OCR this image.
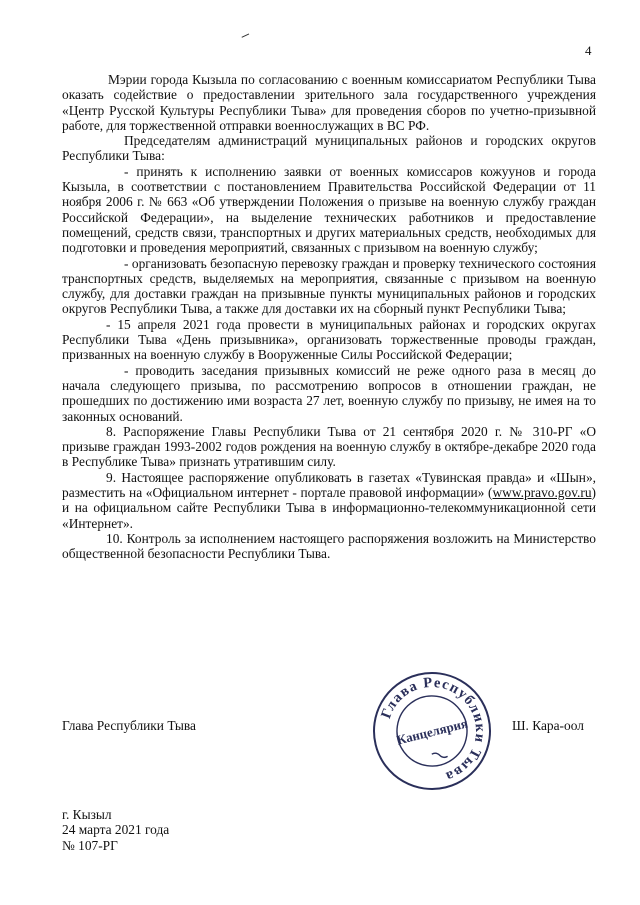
4

Мэрии города Кызыла по согласованию с военным комиссариатом Республики Тыва оказать содействие о предоставлении зрительного зала государственного учреждения «Центр Русской Культуры Республики Тыва» для проведения сборов по учетно-призывной работе, для торжественной отправки военнослужащих в ВС РФ.

Председателям администраций муниципальных районов и городских округов Республики Тыва:

- принять к исполнению заявки от военных комиссаров кожуунов и города Кызыла, в соответствии с постановлением Правительства Российской Федерации от 11 ноября 2006 г. № 663 «Об утверждении Положения о призыве на военную службу граждан Российской Федерации», на выделение технических работников и предоставление помещений, средств связи, транспортных и других материальных средств, необходимых для подготовки и проведения мероприятий, связанных с призывом на военную службу;

- организовать безопасную перевозку граждан и проверку технического состояния транспортных средств, выделяемых на мероприятия, связанные с призывом на военную службу, для доставки граждан на призывные пункты муниципальных районов и городских округов Республики Тыва, а также для доставки их на сборный пункт Республики Тыва;

- 15 апреля 2021 года провести в муниципальных районах и городских округах Республики Тыва «День призывника», организовать торжественные проводы граждан, призванных на военную службу в Вооруженные Силы Российской Федерации;

- проводить заседания призывных комиссий не реже одного раза в месяц до начала следующего призыва, по рассмотрению вопросов в отношении граждан, не прошедших по достижению ими возраста 27 лет, военную службу по призыву, не имея на то законных оснований.

8. Распоряжение Главы Республики Тыва от 21 сентября 2020 г. № 310-РГ «О призыве граждан 1993-2002 годов рождения на военную службу в октябре-декабре 2020 года в Республике Тыва» признать утратившим силу.

9. Настоящее распоряжение опубликовать в газетах «Тувинская правда» и «Шын», разместить на «Официальном интернет - портале правовой информации» (www.pravo.gov.ru) и на официальном сайте Республики Тыва в информационно-телекоммуникационной сети «Интернет».

10. Контроль за исполнением настоящего распоряжения возложить на Министерство общественной безопасности Республики Тыва.

Глава Республики Тыва
Глава Республики Тыва
Канцелярия	Ш. Кара-оол
г. Кызыл
24 марта 2021 года
№ 107-РГ
